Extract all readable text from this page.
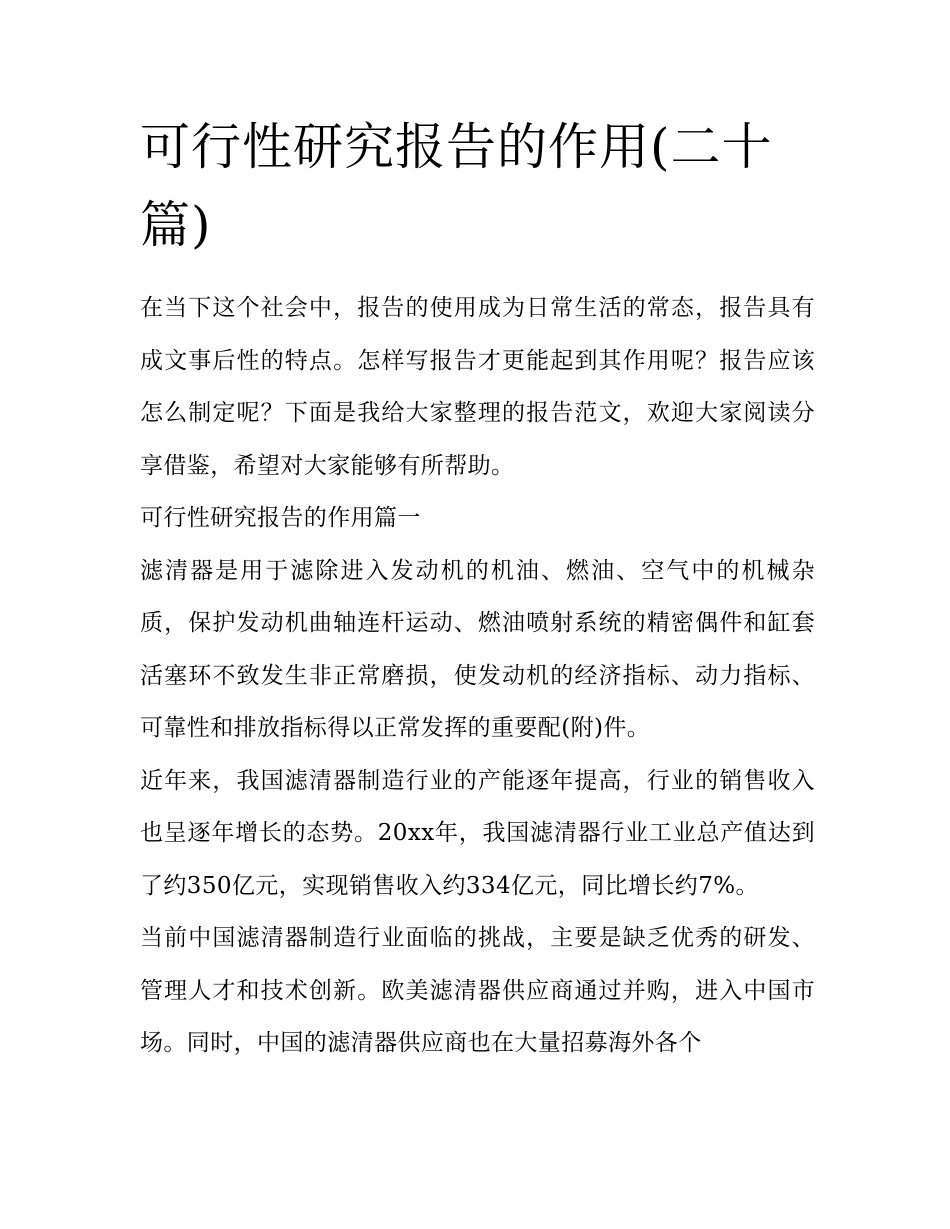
可行性研究报告的作用(二十篇)

在当下这个社会中，报告的使用成为日常生活的常态，报告具有成文事后性的特点。怎样写报告才更能起到其作用呢？报告应该怎么制定呢？下面是我给大家整理的报告范文，欢迎大家阅读分享借鉴，希望对大家能够有所帮助。

可行性研究报告的作用篇一

滤清器是用于滤除进入发动机的机油、燃油、空气中的机械杂质，保护发动机曲轴连杆运动、燃油喷射系统的精密偶件和缸套活塞环不致发生非正常磨损，使发动机的经济指标、动力指标、可靠性和排放指标得以正常发挥的重要配(附)件。

近年来，我国滤清器制造行业的产能逐年提高，行业的销售收入也呈逐年增长的态势。20xx年，我国滤清器行业工业总产值达到了约350亿元，实现销售收入约334亿元，同比增长约7%。

当前中国滤清器制造行业面临的挑战，主要是缺乏优秀的研发、管理人才和技术创新。欧美滤清器供应商通过并购，进入中国市场。同时，中国的滤清器供应商也在大量招募海外各个
